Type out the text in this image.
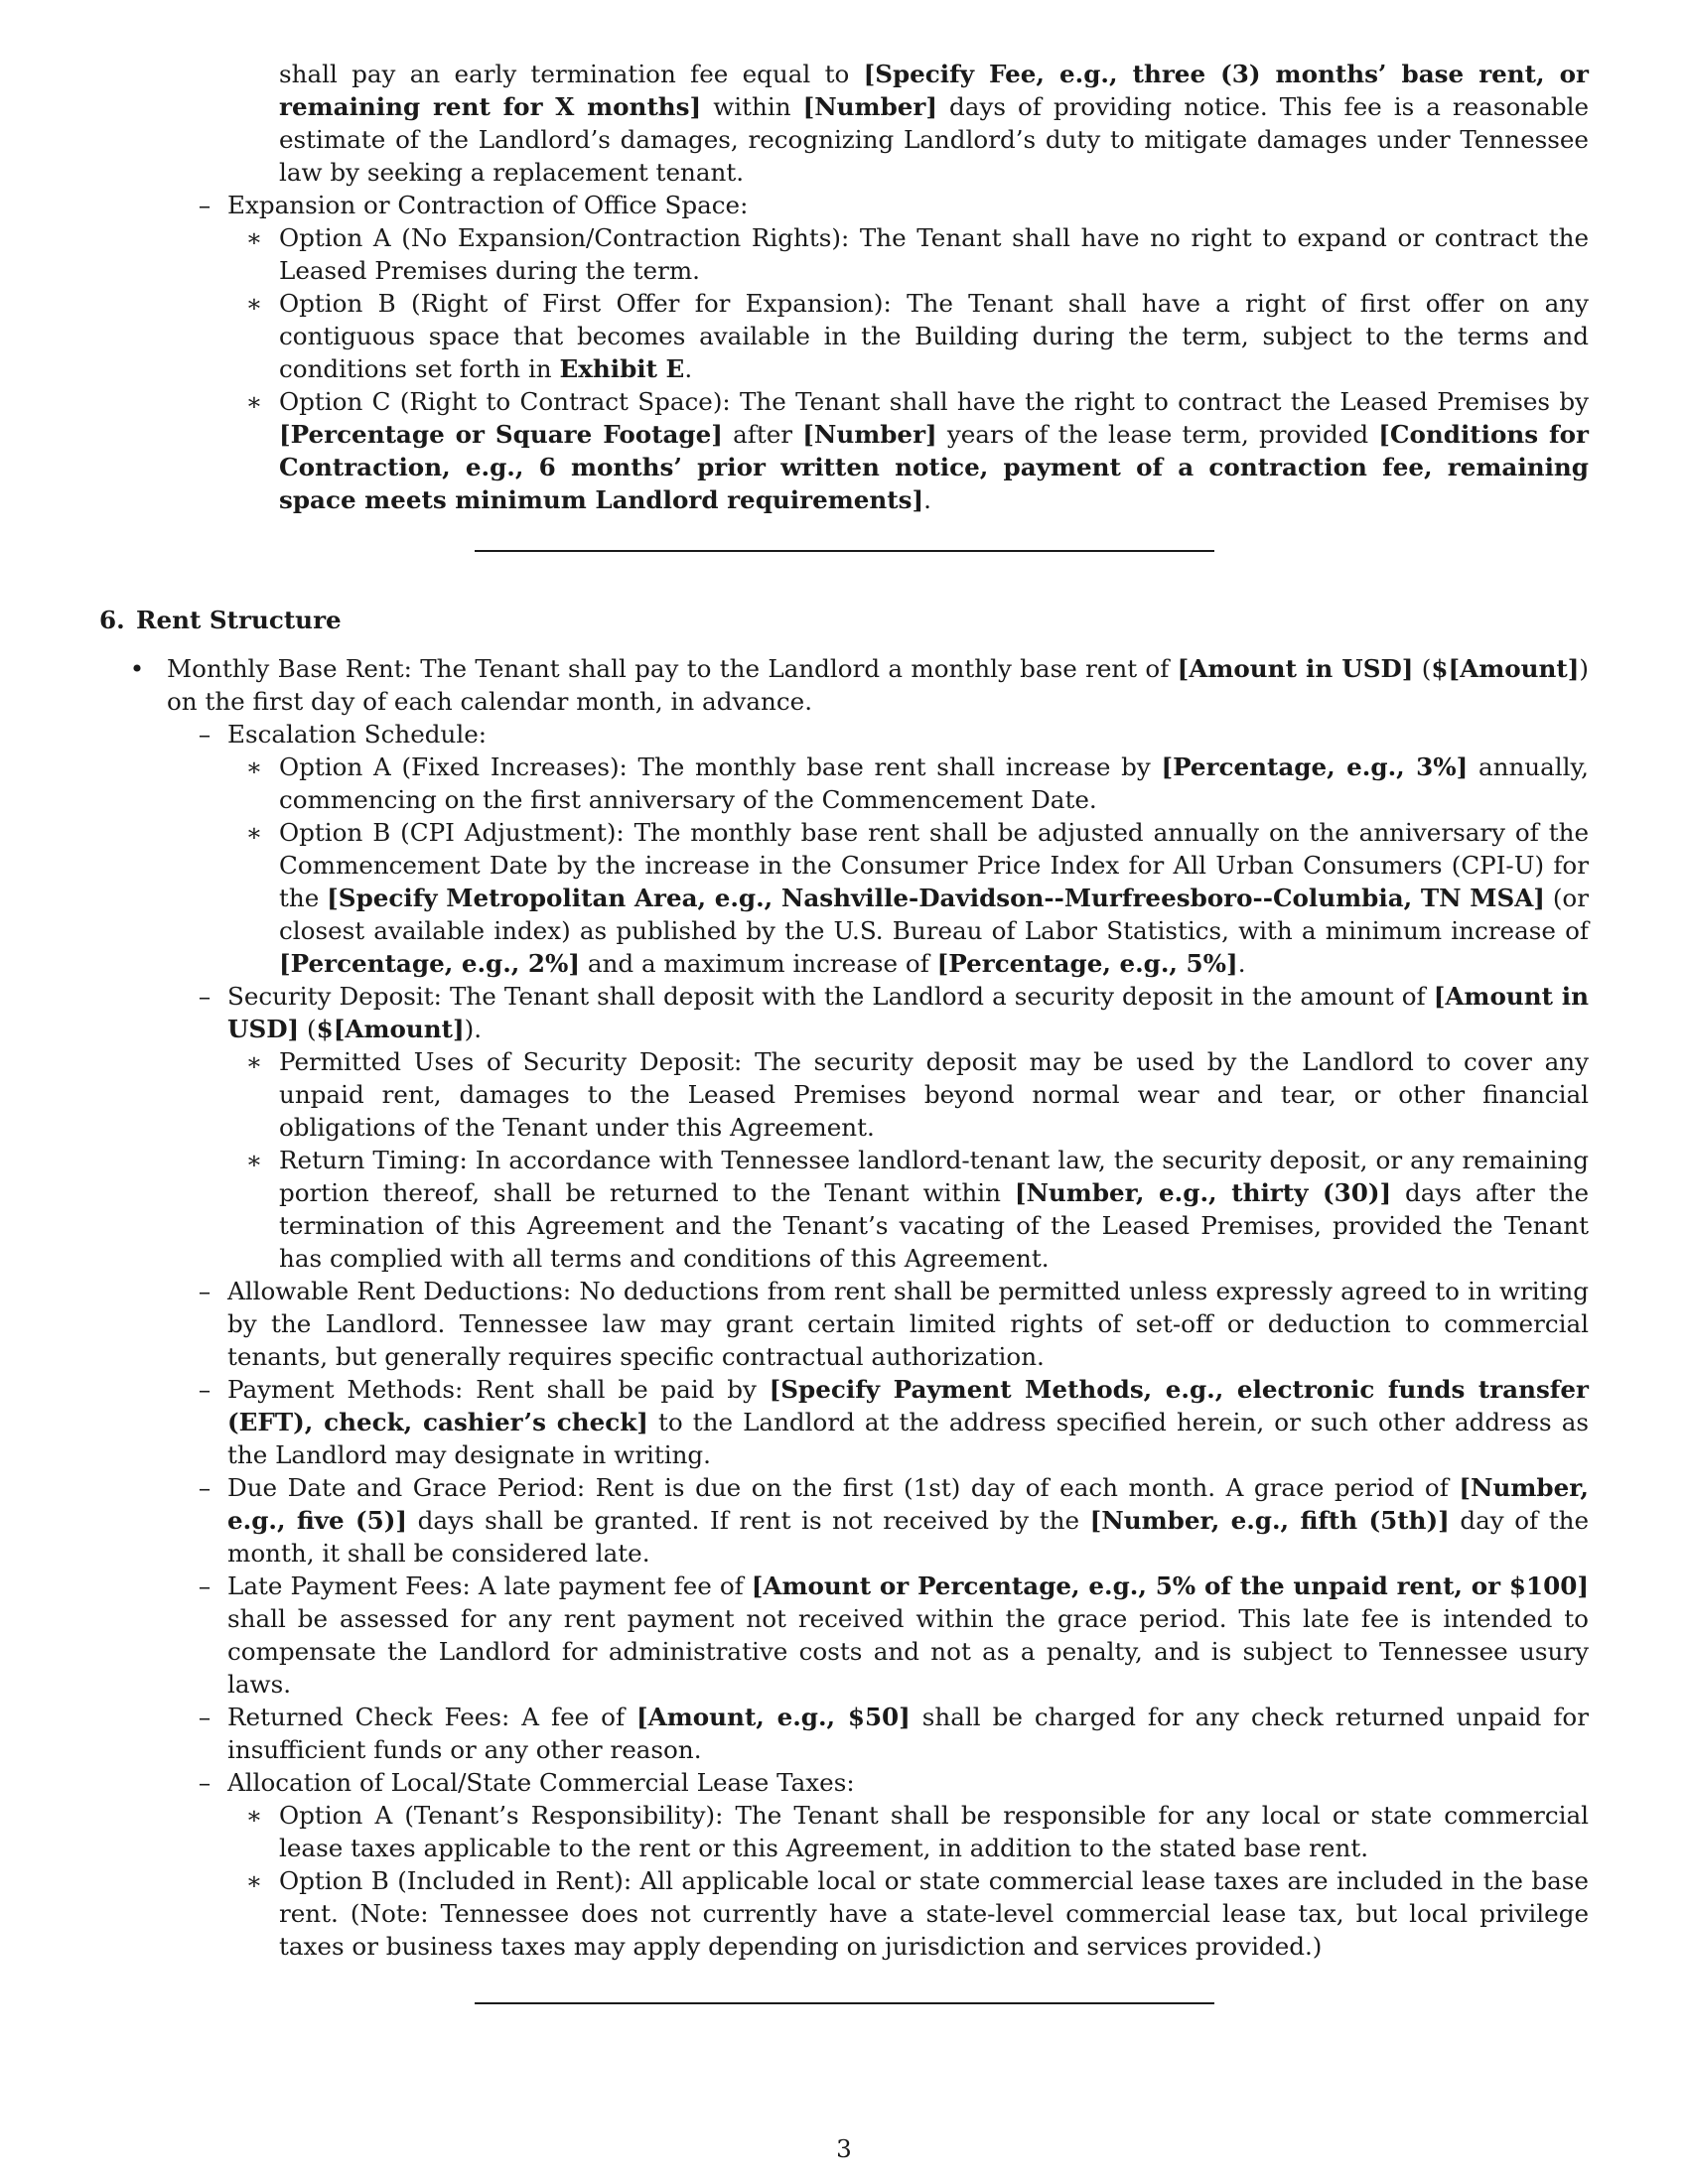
shall pay an early termination fee equal to [Specify Fee, e.g., three (3) months’ base rent, or remaining rent for X months] within [Number] days of providing notice. This fee is a reasonable estimate of the Landlord’s damages, recognizing Landlord’s duty to mitigate damages under Tennessee law by seeking a replacement tenant.
– Expansion or Contraction of Office Space:
∗ Option A (No Expansion/Contraction Rights): The Tenant shall have no right to expand or contract the Leased Premises during the term.
∗ Option B (Right of First Offer for Expansion): The Tenant shall have a right of first offer on any contiguous space that becomes available in the Building during the term, subject to the terms and conditions set forth in Exhibit E.
∗ Option C (Right to Contract Space): The Tenant shall have the right to contract the Leased Premises by [Percentage or Square Footage] after [Number] years of the lease term, provided [Conditions for Contraction, e.g., 6 months’ prior written notice, payment of a contraction fee, remaining space meets minimum Landlord requirements].
6. Rent Structure
• Monthly Base Rent: The Tenant shall pay to the Landlord a monthly base rent of [Amount in USD] ($[Amount]) on the first day of each calendar month, in advance.
– Escalation Schedule:
∗ Option A (Fixed Increases): The monthly base rent shall increase by [Percentage, e.g., 3%] annually, commencing on the first anniversary of the Commencement Date.
∗ Option B (CPI Adjustment): The monthly base rent shall be adjusted annually on the anniversary of the Commencement Date by the increase in the Consumer Price Index for All Urban Consumers (CPI-U) for the [Specify Metropolitan Area, e.g., Nashville-Davidson--Murfreesboro--Columbia, TN MSA] (or closest available index) as published by the U.S. Bureau of Labor Statistics, with a minimum increase of [Percentage, e.g., 2%] and a maximum increase of [Percentage, e.g., 5%].
– Security Deposit: The Tenant shall deposit with the Landlord a security deposit in the amount of [Amount in USD] ($[Amount]).
∗ Permitted Uses of Security Deposit: The security deposit may be used by the Landlord to cover any unpaid rent, damages to the Leased Premises beyond normal wear and tear, or other financial obligations of the Tenant under this Agreement.
∗ Return Timing: In accordance with Tennessee landlord-tenant law, the security deposit, or any remaining portion thereof, shall be returned to the Tenant within [Number, e.g., thirty (30)] days after the termination of this Agreement and the Tenant’s vacating of the Leased Premises, provided the Tenant has complied with all terms and conditions of this Agreement.
– Allowable Rent Deductions: No deductions from rent shall be permitted unless expressly agreed to in writing by the Landlord. Tennessee law may grant certain limited rights of set-off or deduction to commercial tenants, but generally requires specific contractual authorization.
– Payment Methods: Rent shall be paid by [Specify Payment Methods, e.g., electronic funds transfer (EFT), check, cashier’s check] to the Landlord at the address specified herein, or such other address as the Landlord may designate in writing.
– Due Date and Grace Period: Rent is due on the first (1st) day of each month. A grace period of [Number, e.g., five (5)] days shall be granted. If rent is not received by the [Number, e.g., fifth (5th)] day of the month, it shall be considered late.
– Late Payment Fees: A late payment fee of [Amount or Percentage, e.g., 5% of the unpaid rent, or $100] shall be assessed for any rent payment not received within the grace period. This late fee is intended to compensate the Landlord for administrative costs and not as a penalty, and is subject to Tennessee usury laws.
– Returned Check Fees: A fee of [Amount, e.g., $50] shall be charged for any check returned unpaid for insufficient funds or any other reason.
– Allocation of Local/State Commercial Lease Taxes:
∗ Option A (Tenant’s Responsibility): The Tenant shall be responsible for any local or state commercial lease taxes applicable to the rent or this Agreement, in addition to the stated base rent.
∗ Option B (Included in Rent): All applicable local or state commercial lease taxes are included in the base rent. (Note: Tennessee does not currently have a state-level commercial lease tax, but local privilege taxes or business taxes may apply depending on jurisdiction and services provided.)
3
